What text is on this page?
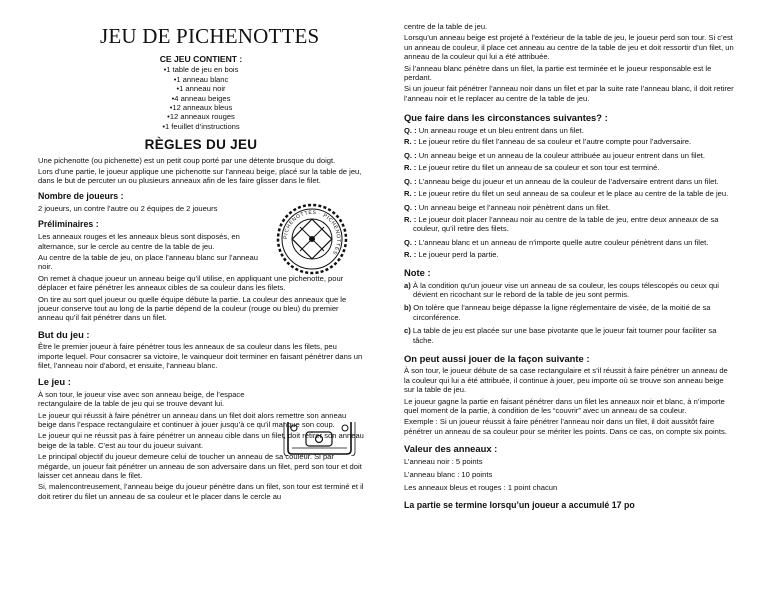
JEU DE PICHENOTTES
CE JEU CONTIENT :
•1 table de jeu en bois
•1 anneau blanc
•1 anneau noir
•4 anneau beiges
•12 anneaux bleus
•12 anneaux rouges
•1 feuillet d’instructions
RÈGLES DU JEU

Une pichenotte (ou pichenette) est un petit coup porté par une détente brusque du doigt.

Lors d’une partie, le joueur applique une pichenotte sur l’anneau beige, placé sur la table de jeu, dans le but de percuter un ou plusieurs anneaux afin de les faire glisser dans le filet.

Nombre de joueurs :

2 joueurs, un contre l’autre ou 2 équipes de 2 joueurs

Préliminaires :

Les anneaux rouges et les anneaux bleus sont disposés, en alternance, sur le cercle au centre de la table de jeu.

Au centre de la table de jeu, on place l’anneau blanc sur l’anneau noir.

On remet à chaque joueur un anneau beige qu’il utilise, en appliquant une pichenotte, pour déplacer et faire pénétrer les anneaux cibles de sa couleur dans les filets.

On tire au sort quel joueur ou quelle équipe débute la partie. La couleur des anneaux que le joueur conserve tout au long de la partie dépend de la couleur (rouge ou bleu) du premier anneau qu’il fait pénétrer dans un filet.

But du jeu :

Être le premier joueur à faire pénétrer tous les anneaux de sa couleur dans les filets, peu importe lequel. Pour consacrer sa victoire, le vainqueur doit terminer en faisant pénétrer dans un filet, l’anneau noir d’abord, et ensuite, l’anneau blanc.

Le jeu :

À son tour, le joueur vise avec son anneau beige, de l’espace rectangulaire de la table de jeu qui se trouve devant lui.

Le joueur qui réussit à faire pénétrer un anneau dans un filet doit alors remettre son anneau beige dans l’espace rectangulaire et continuer à jouer jusqu’à ce qu’il manque son coup.

Le joueur qui ne réussit pas à faire pénétrer un anneau cible dans un filet, doit retirer son anneau beige de la table. C’est au tour du joueur suivant.

Le principal objectif du joueur demeure celui de toucher un anneau de sa couleur. Si par mégarde, un joueur fait pénétrer un anneau de son adversaire dans un filet, perd son tour et doit laisser cet anneau dans le filet.

Si, malencontreusement, l’anneau beige du joueur pénètre dans un filet, son tour est terminé et il doit retirer du filet un anneau de sa couleur et le placer dans le cercle au

PICHENOTTES · PICHENOTTES

centre de la table de jeu.

Lorsqu’un anneau beige est projeté à l’extérieur de la table de jeu, le joueur perd son tour. Si c’est un anneau de couleur, il place cet anneau au centre de la table de jeu et doit ressortir d’un filet, un anneau de la couleur qui lui a été attribuée.

Si l’anneau blanc pénètre dans un filet, la partie est terminée et le joueur responsable est le perdant.

Si un joueur fait pénétrer l’anneau noir dans un filet et par la suite rate l’anneau blanc, il doit retirer l’anneau noir et le replacer au centre de la table de jeu.

Que faire dans les circonstances suivantes? :
Q. : Un anneau rouge et un bleu entrent dans un filet.
R. : Le joueur retire du filet l’anneau de sa couleur et l’autre compte pour l’adversaire.
Q. : Un anneau beige et un anneau de la couleur attribuée au joueur entrent dans un filet.
R. : Le joueur retire du filet un anneau de sa couleur et son tour est terminé.
Q. : L’anneau beige du joueur et un anneau de la couleur de l’adversaire entrent dans un filet.
R. : Le joueur retire du filet un seul anneau de sa couleur et le place au centre de la table de jeu.
Q. : Un anneau beige et l’anneau noir pénètrent dans un filet.
R. : Le joueur doit placer l’anneau noir au centre de la table de jeu, entre deux anneaux de sa couleur, qu’il retire des filets.
Q. : L’anneau blanc et un anneau de n’importe quelle autre couleur pénètrent dans un filet.
R. : Le joueur perd la partie.
Note :
a) À la condition qu’un joueur vise un anneau de sa couleur, les coups télescopés ou ceux qui dévient en ricochant sur le rebord de la table de jeu sont permis.
b) On tolère que l’anneau beige dépasse la ligne réglementaire de visée, de la moitié de sa circonférence.
c) La table de jeu est placée sur une base pivotante que le joueur fait tourner pour faciliter sa tâche.
On peut aussi jouer de la façon suivante :

À son tour, le joueur débute de sa case rectangulaire et s’il réussit à faire pénétrer un anneau de la couleur qui lui a été attribuée, il continue à jouer, peu importe où se trouve son anneau beige sur la table de jeu.

Le joueur gagne la partie en faisant pénétrer dans un filet les anneaux noir et blanc, à n’importe quel moment de la partie, à condition de les “couvrir” avec un anneau de sa couleur.

Exemple : Si un joueur réussit à faire pénétrer l’anneau noir dans un filet, il doit aussitôt faire pénétrer un anneau de sa couleur pour se mériter les points. Dans ce cas, on compte six points.

Valeur des anneaux :
L’anneau noir : 5 points
L’anneau blanc : 10 points
Les anneaux bleus et rouges : 1 point chacun
La partie se termine lorsqu’un joueur a accumulé 17 po
